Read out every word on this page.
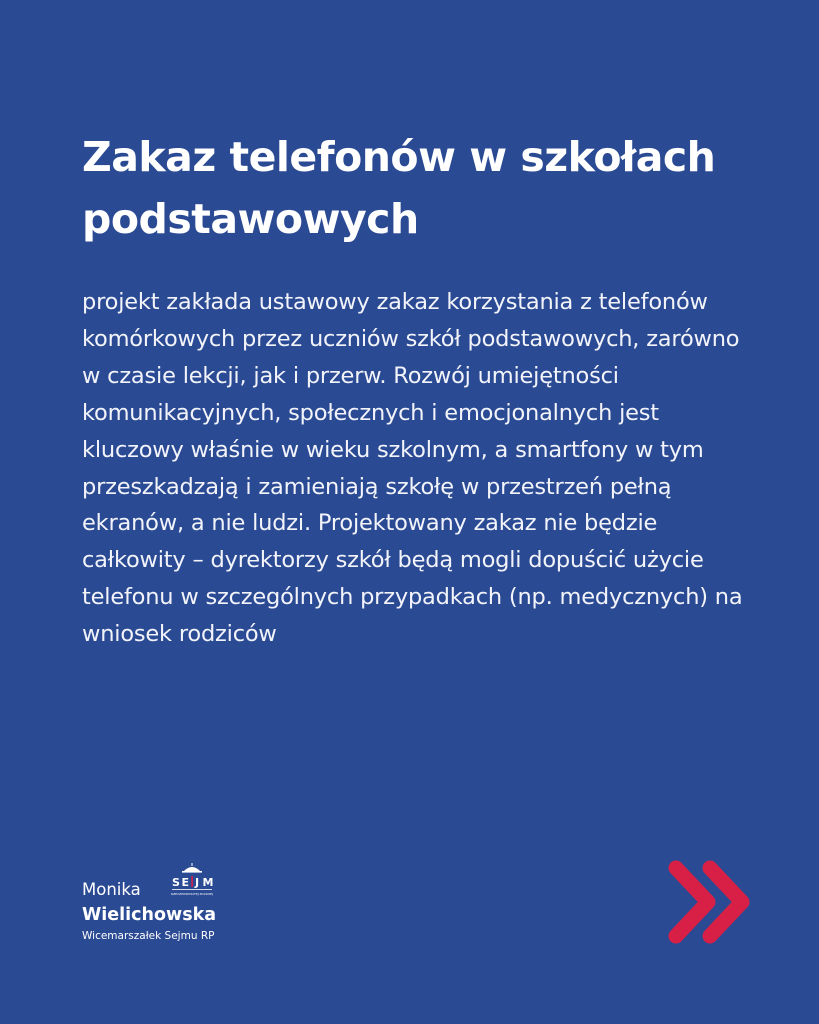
Zakaz telefonów w szkołach podstawowych

projekt zakłada ustawowy zakaz korzystania z telefonów komórkowych przez uczniów szkół podstawowych, zarówno w czasie lekcji, jak i przerw. Rozwój umiejętności komunikacyjnych, społecznych i emocjonalnych jest kluczowy właśnie w wieku szkolnym, a smartfony w tym przeszkadzają i zamieniają szkołę w przestrzeń pełną ekranów, a nie ludzi. Projektowany zakaz nie będzie całkowity – dyrektorzy szkół będą mogli dopuścić użycie telefonu w szczególnych przypadkach (np. medycznych) na wniosek rodziców

Monika
Wielichowska
Wicemarszałek Sejmu RP
S E J M
RZECZPOSPOLITEJ POLSKIEJ
